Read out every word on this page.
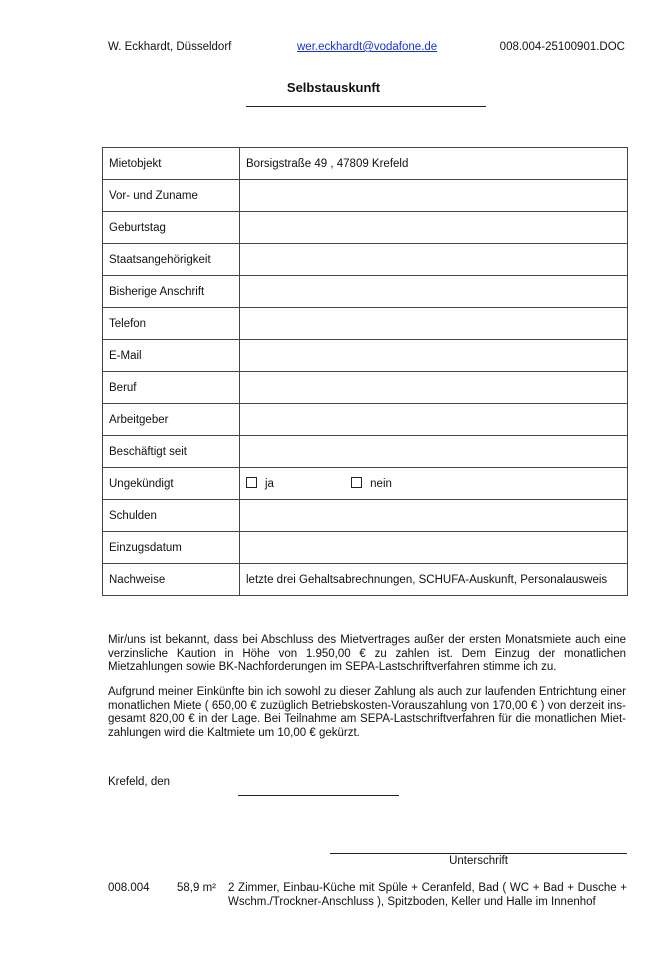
W. Eckhardt, Düsseldorf	wer.eckhardt@vodafone.de	008.004-25100901.DOC
Selbstauskunft
Mietobjekt	Borsigstraße 49 , 47809 Krefeld
Vor- und Zuname	
Geburtstag	
Staatsangehörigkeit	
Bisherige Anschrift	
Telefon	
E-Mail	
Beruf	
Arbeitgeber	
Beschäftigt seit	
Ungekündigt	ja nein
Schulden	
Einzugsdatum	
Nachweise	letzte drei Gehaltsabrechnungen, SCHUFA-Auskunft, Personalausweis
Mir/uns ist bekannt, dass bei Abschluss des Mietvertrages außer der ersten Monatsmiete auch eine verzinsliche Kaution in Höhe von 1.950,00 € zu zahlen ist. Dem Einzug der monatlichen Mietzahlungen sowie BK-Nachforderungen im SEPA-Lastschriftverfahren stimme ich zu.
Aufgrund meiner Einkünfte bin ich sowohl zu dieser Zahlung als auch zur laufenden Entrichtung einer monatlichen Miete ( 650,00 € zuzüglich Betriebskosten-Vorauszahlung von 170,00 € ) von derzeit insgesamt 820,00 € in der Lage. Bei Teilnahme am SEPA-Lastschriftverfahren für die monatlichen Mietzahlungen wird die Kaltmiete um 10,00 € gekürzt.
Krefeld, den
Unterschrift
008.004 58,9 m² 2 Zimmer, Einbau-Küche mit Spüle + Ceranfeld, Bad ( WC + Bad + Dusche + Wschm./Trockner-Anschluss ), Spitzboden, Keller und Halle im Innenhof
